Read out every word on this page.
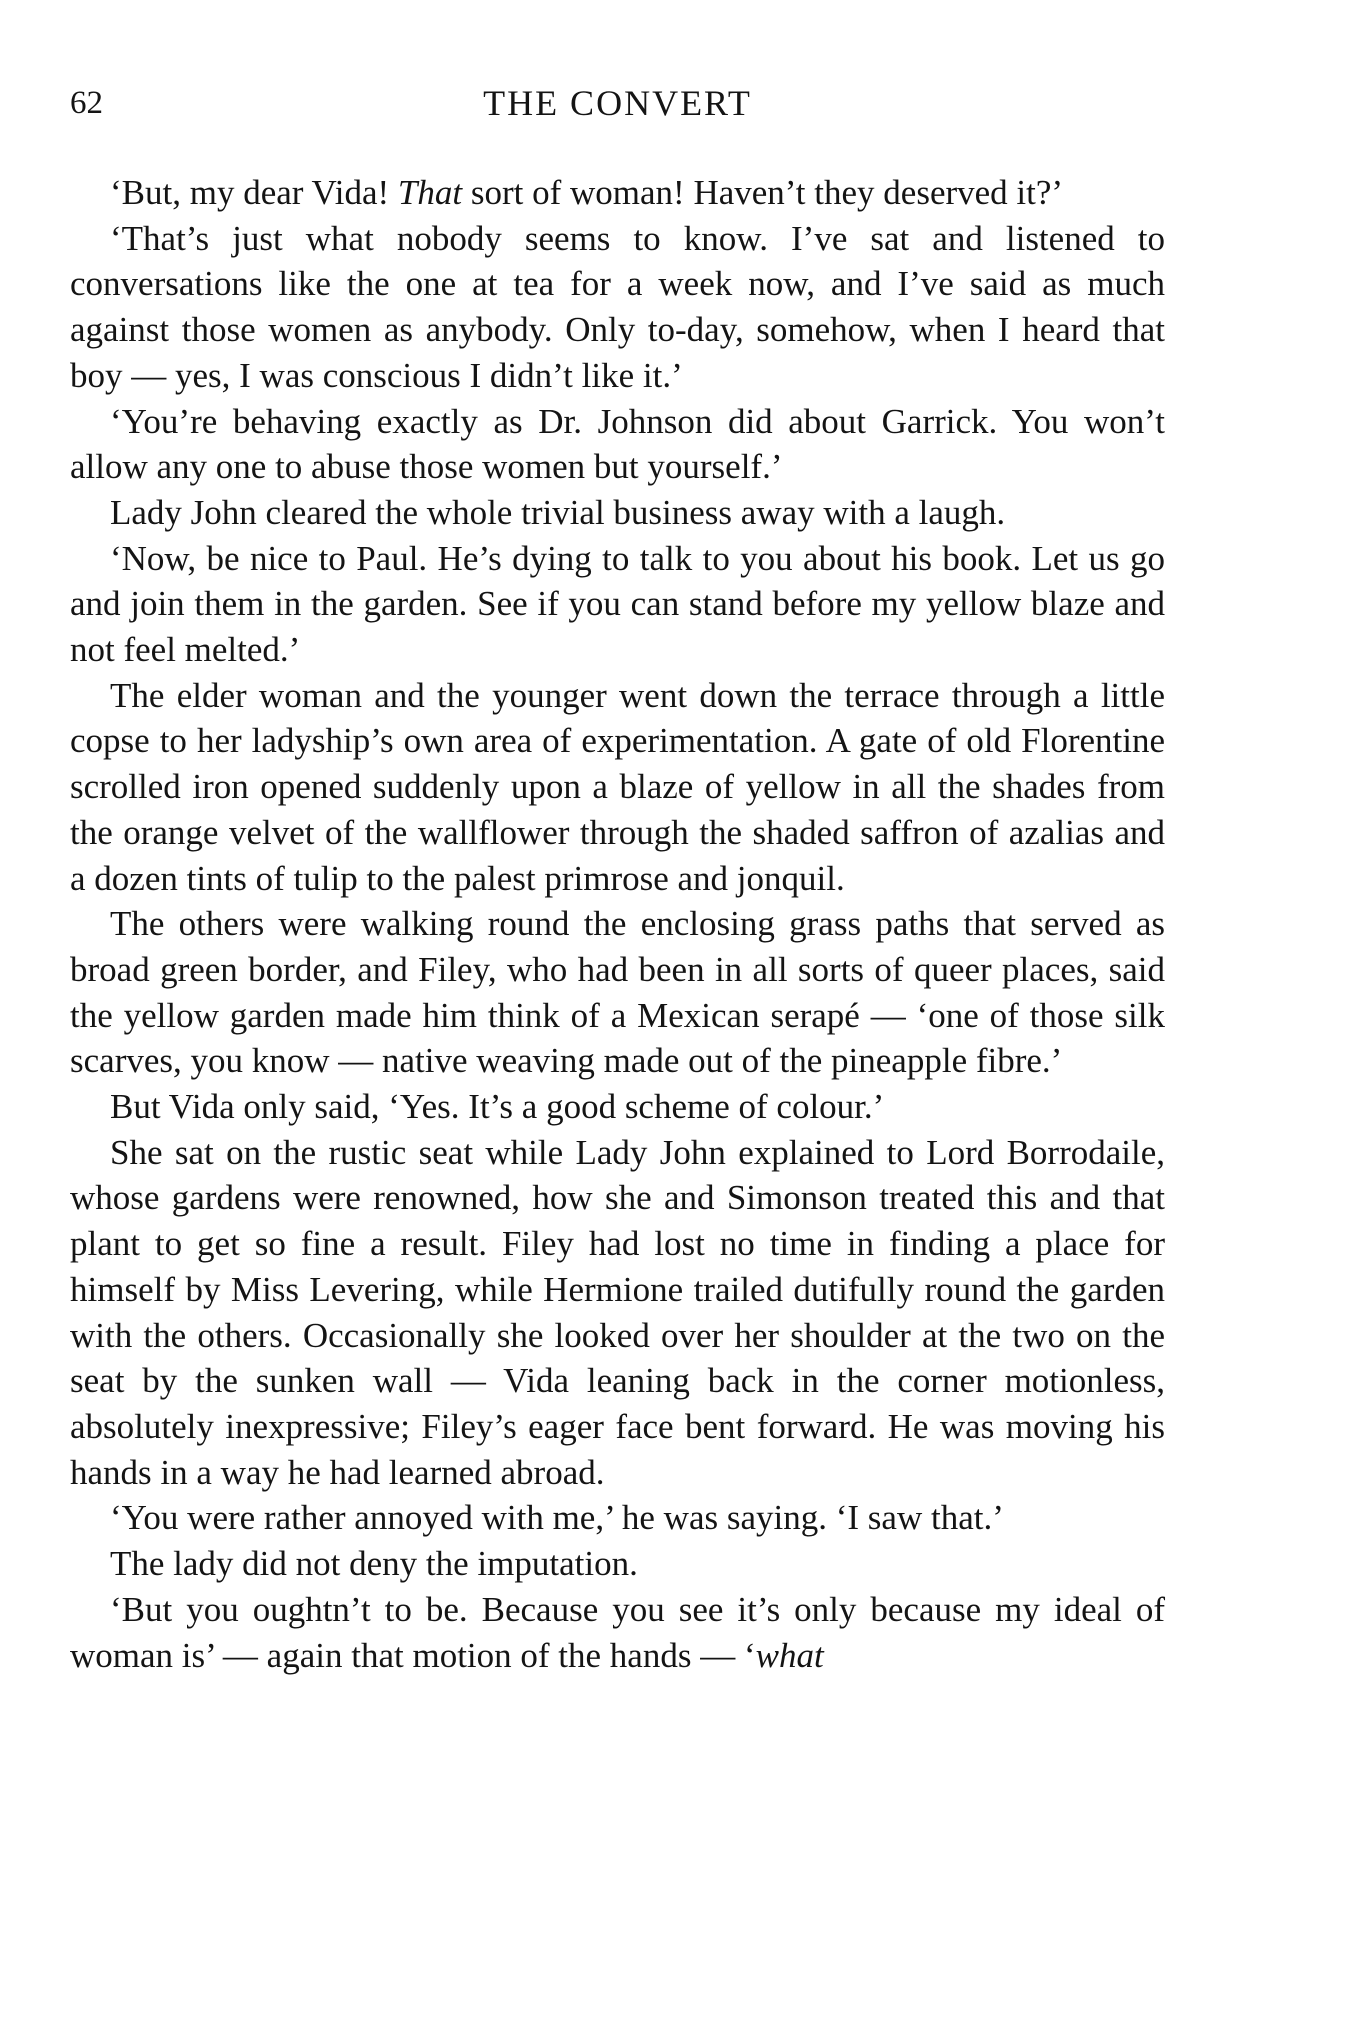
62	THE CONVERT

‘But, my dear Vida! That sort of woman! Haven’t they deserved it?’

‘That’s just what nobody seems to know. I’ve sat and listened to conversations like the one at tea for a week now, and I’ve said as much against those women as anybody. Only to-day, somehow, when I heard that boy — yes, I was conscious I didn’t like it.’

‘You’re behaving exactly as Dr. Johnson did about Garrick. You won’t allow any one to abuse those women but yourself.’

Lady John cleared the whole trivial business away with a laugh.

‘Now, be nice to Paul. He’s dying to talk to you about his book. Let us go and join them in the garden. See if you can stand before my yellow blaze and not feel melted.’

The elder woman and the younger went down the terrace through a little copse to her ladyship’s own area of experimentation. A gate of old Florentine scrolled iron opened suddenly upon a blaze of yellow in all the shades from the orange velvet of the wallflower through the shaded saffron of azalias and a dozen tints of tulip to the palest primrose and jonquil.

The others were walking round the enclosing grass paths that served as broad green border, and Filey, who had been in all sorts of queer places, said the yellow garden made him think of a Mexican serapé — ‘one of those silk scarves, you know — native weaving made out of the pineapple fibre.’

But Vida only said, ‘Yes. It’s a good scheme of colour.’

She sat on the rustic seat while Lady John explained to Lord Borrodaile, whose gardens were renowned, how she and Simonson treated this and that plant to get so fine a result. Filey had lost no time in finding a place for himself by Miss Levering, while Hermione trailed dutifully round the garden with the others. Occasionally she looked over her shoulder at the two on the seat by the sunken wall — Vida leaning back in the corner motionless, absolutely inexpressive; Filey’s eager face bent forward. He was moving his hands in a way he had learned abroad.

‘You were rather annoyed with me,’ he was saying. ‘I saw that.’

The lady did not deny the imputation.

‘But you oughtn’t to be. Because you see it’s only because my ideal of woman is’ — again that motion of the hands — ‘what
